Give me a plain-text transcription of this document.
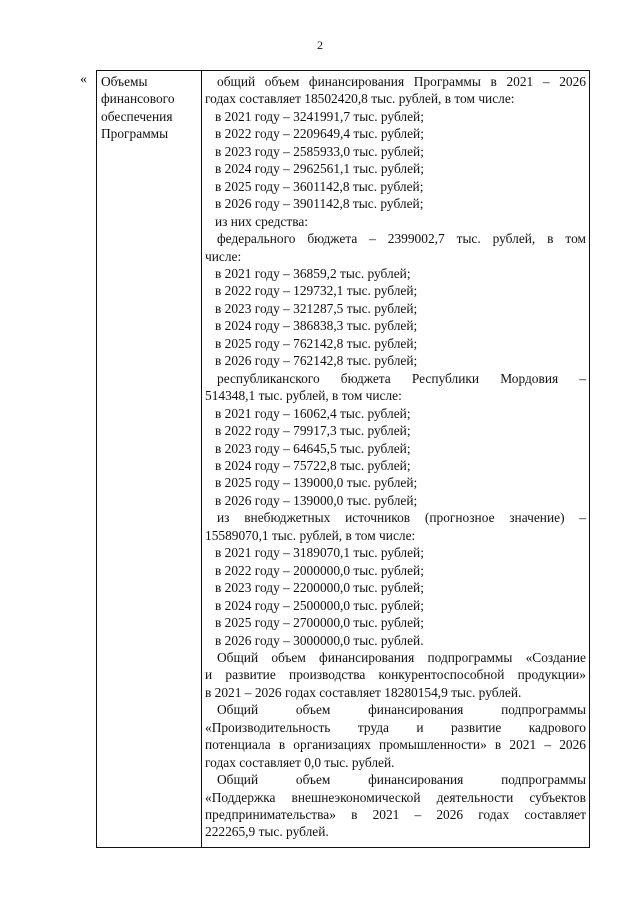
2
« Объемы
финансового
обеспечения
Программы

общий объем финансирования Программы в 2021 – 2026
годах составляет 18502420,8 тыс. рублей, в том числе:
в 2021 году – 3241991,7 тыс. рублей;
в 2022 году – 2209649,4 тыс. рублей;
в 2023 году – 2585933,0 тыс. рублей;
в 2024 году – 2962561,1 тыс. рублей;
в 2025 году – 3601142,8 тыс. рублей;
в 2026 году – 3901142,8 тыс. рублей;
из них средства:
федерального бюджета – 2399002,7 тыс. рублей, в том
числе:
в 2021 году – 36859,2 тыс. рублей;
в 2022 году – 129732,1 тыс. рублей;
в 2023 году – 321287,5 тыс. рублей;
в 2024 году – 386838,3 тыс. рублей;
в 2025 году – 762142,8 тыс. рублей;
в 2026 году – 762142,8 тыс. рублей;
республиканского бюджета Республики Мордовия –
514348,1 тыс. рублей, в том числе:
в 2021 году – 16062,4 тыс. рублей;
в 2022 году – 79917,3 тыс. рублей;
в 2023 году – 64645,5 тыс. рублей;
в 2024 году – 75722,8 тыс. рублей;
в 2025 году – 139000,0 тыс. рублей;
в 2026 году – 139000,0 тыс. рублей;
из внебюджетных источников (прогнозное значение) –
15589070,1 тыс. рублей, в том числе:
в 2021 году – 3189070,1 тыс. рублей;
в 2022 году – 2000000,0 тыс. рублей;
в 2023 году – 2200000,0 тыс. рублей;
в 2024 году – 2500000,0 тыс. рублей;
в 2025 году – 2700000,0 тыс. рублей;
в 2026 году – 3000000,0 тыс. рублей.
Общий объем финансирования подпрограммы «Создание
и развитие производства конкурентоспособной продукции»
в 2021 – 2026 годах составляет 18280154,9 тыс. рублей.
Общий объем финансирования подпрограммы
«Производительность труда и развитие кадрового
потенциала в организациях промышленности» в 2021 – 2026
годах составляет 0,0 тыс. рублей.
Общий объем финансирования подпрограммы
«Поддержка внешнеэкономической деятельности субъектов
предпринимательства» в 2021 – 2026 годах составляет
222265,9 тыс. рублей.
